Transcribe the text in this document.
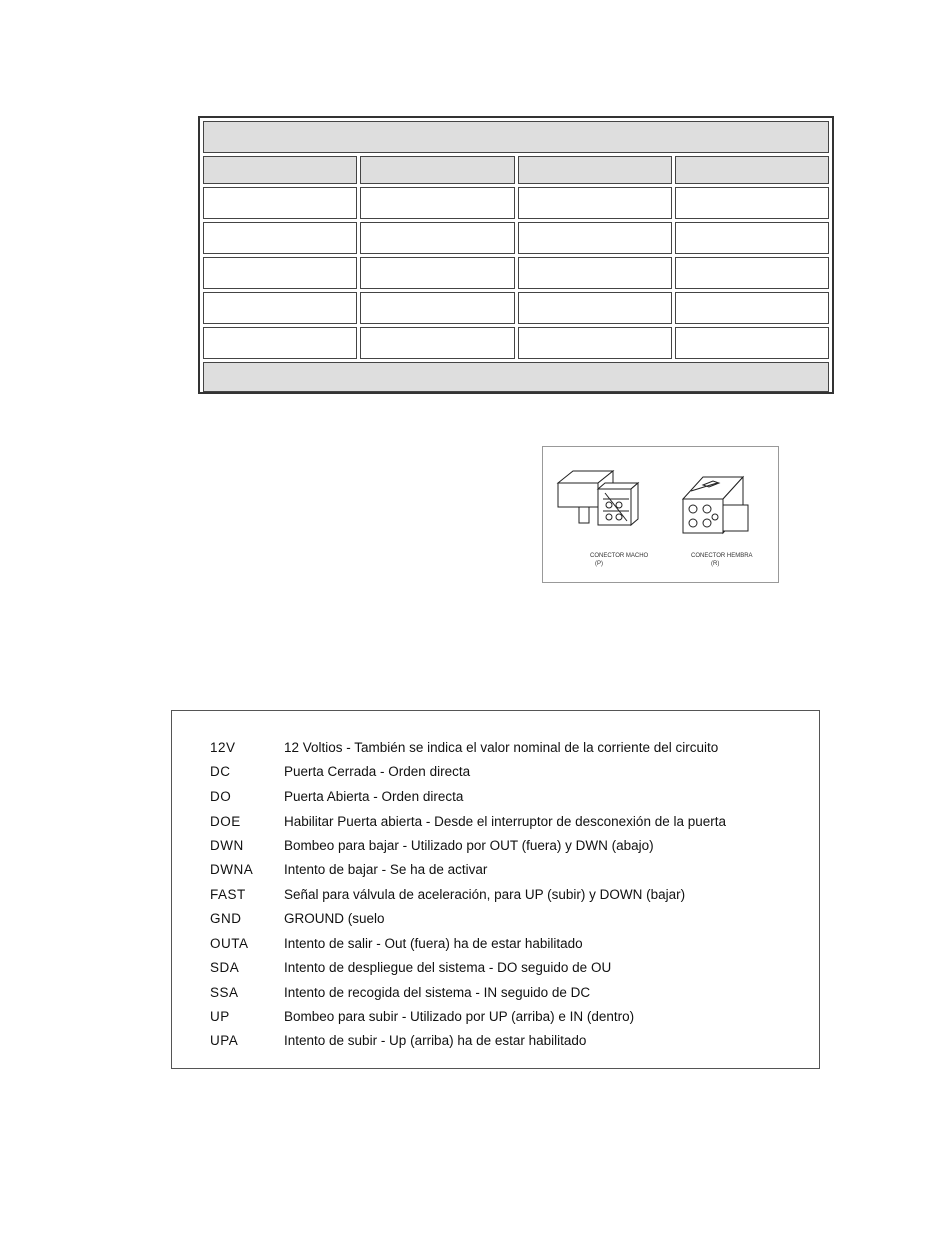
CONECTOR MACHO
(P)
CONECTOR HEMBRA
(R)
12V	12 Voltios - También se indica el valor nominal de la corriente del circuito
DC	Puerta Cerrada - Orden directa
DO	Puerta Abierta - Orden directa
DOE	Habilitar Puerta abierta - Desde el interruptor de desconexión de la puerta
DWN	Bombeo para bajar - Utilizado por OUT (fuera) y DWN (abajo)
DWNA Intento de bajar - Se ha de activar
FAST	Señal para válvula de aceleración, para UP (subir) y DOWN (bajar)
GND	GROUND (suelo
OUTA	Intento de salir - Out (fuera) ha de estar habilitado
SDA	Intento de despliegue del sistema - DO seguido de OU
SSA	Intento de recogida del sistema - IN seguido de DC
UP	Bombeo para subir - Utilizado por UP (arriba) e IN (dentro)
UPA	Intento de subir - Up (arriba) ha de estar habilitado
